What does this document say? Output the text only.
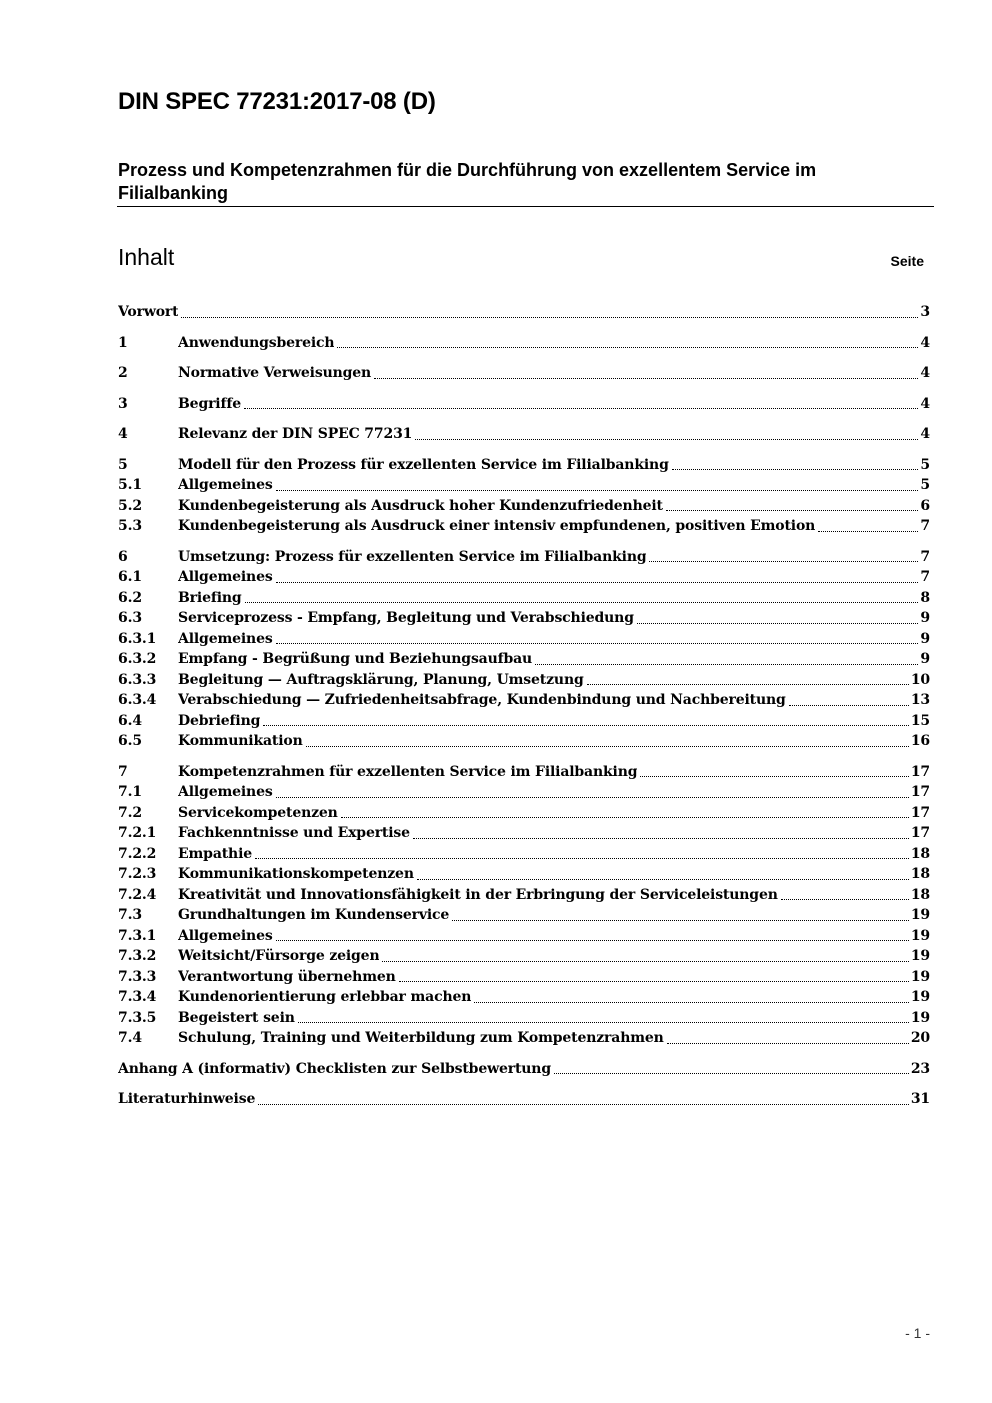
DIN SPEC 77231:2017-08 (D)
Prozess und Kompetenzrahmen für die Durchführung von exzellentem Service im Filialbanking
Inhalt	Seite
Vorwort	3
1	Anwendungsbereich	4
2	Normative Verweisungen	4
3	Begriffe	4
4	Relevanz der DIN SPEC 77231	4
5	Modell für den Prozess für exzellenten Service im Filialbanking	5
5.1	Allgemeines	5
5.2	Kundenbegeisterung als Ausdruck hoher Kundenzufriedenheit	6
5.3	Kundenbegeisterung als Ausdruck einer intensiv empfundenen, positiven Emotion	7
6	Umsetzung: Prozess für exzellenten Service im Filialbanking	7
6.1	Allgemeines	7
6.2	Briefing	8
6.3	Serviceprozess - Empfang, Begleitung und Verabschiedung	9
6.3.1	Allgemeines	9
6.3.2	Empfang - Begrüßung und Beziehungsaufbau	9
6.3.3	Begleitung — Auftragsklärung, Planung, Umsetzung	10
6.3.4	Verabschiedung — Zufriedenheitsabfrage, Kundenbindung und Nachbereitung	13
6.4	Debriefing	15
6.5	Kommunikation	16
7	Kompetenzrahmen für exzellenten Service im Filialbanking	17
7.1	Allgemeines	17
7.2	Servicekompetenzen	17
7.2.1	Fachkenntnisse und Expertise	17
7.2.2	Empathie	18
7.2.3	Kommunikationskompetenzen	18
7.2.4	Kreativität und Innovationsfähigkeit in der Erbringung der Serviceleistungen	18
7.3	Grundhaltungen im Kundenservice	19
7.3.1	Allgemeines	19
7.3.2	Weitsicht/Fürsorge zeigen	19
7.3.3	Verantwortung übernehmen	19
7.3.4	Kundenorientierung erlebbar machen	19
7.3.5	Begeistert sein	19
7.4	Schulung, Training und Weiterbildung zum Kompetenzrahmen	20
Anhang A (informativ) Checklisten zur Selbstbewertung	23
Literaturhinweise	31
- 1 -
